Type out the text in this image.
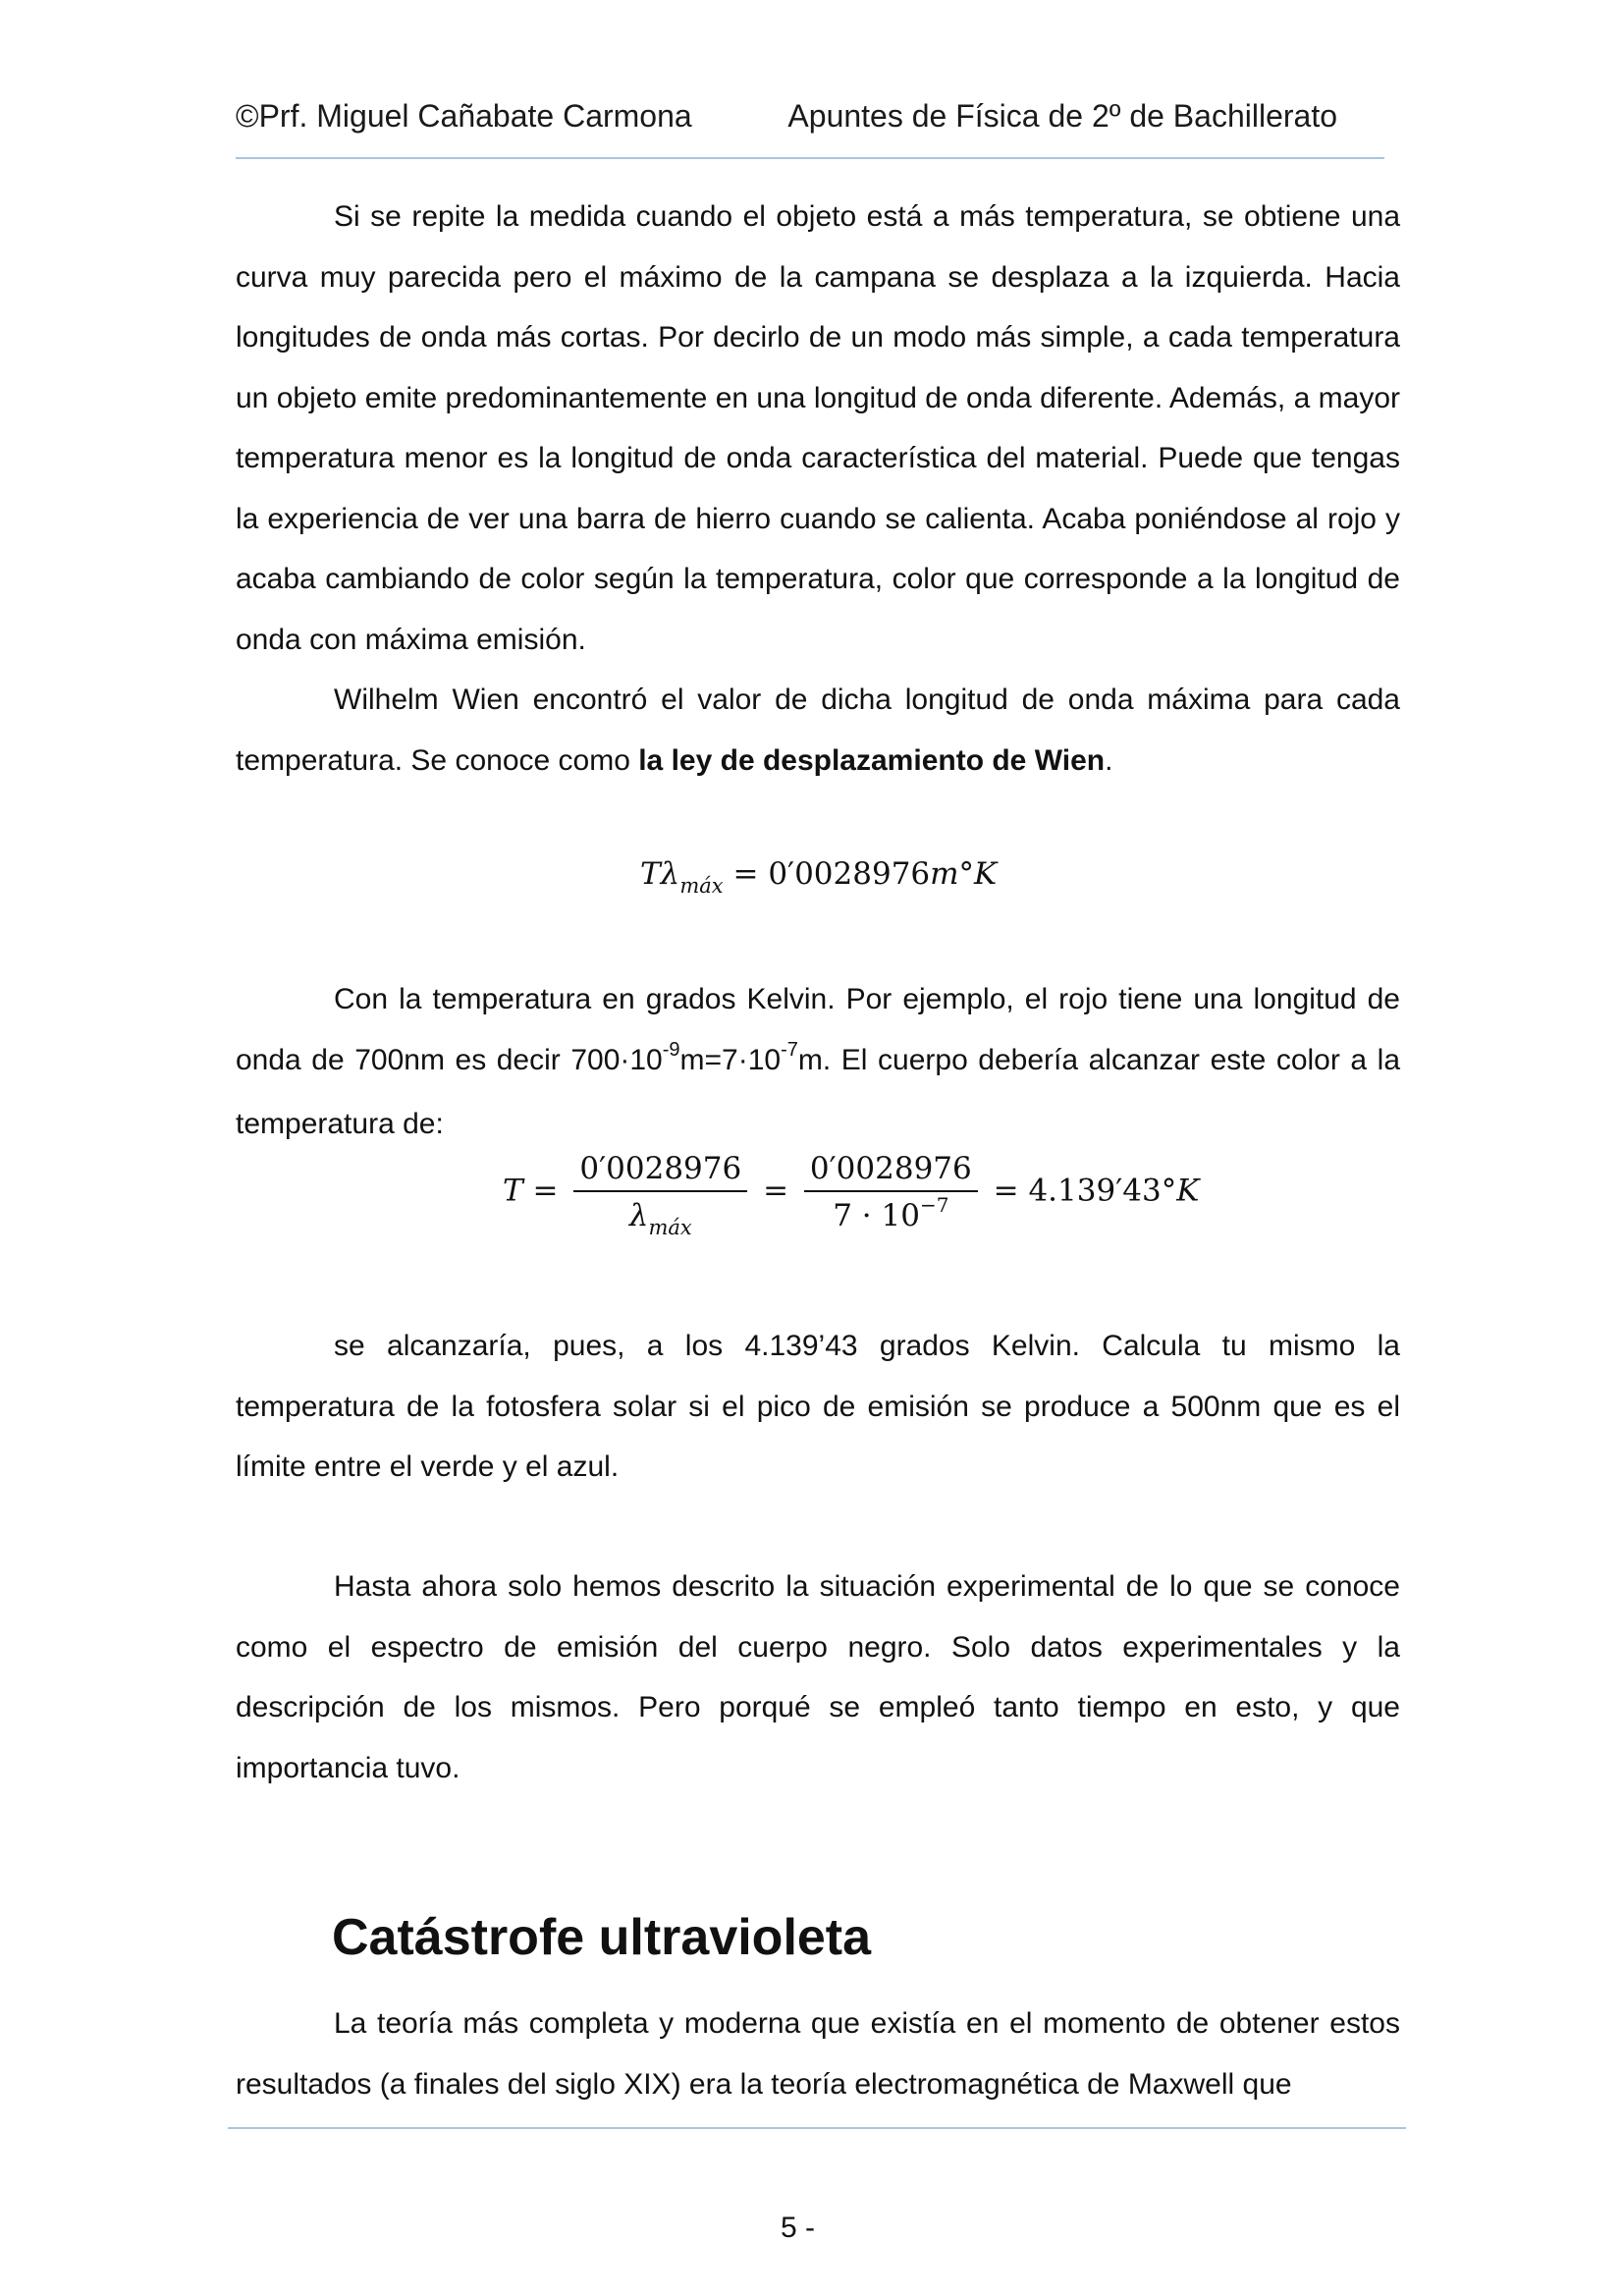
©Prf. Miguel Cañabate Carmona	Apuntes de Física de 2º de Bachillerato

Si se repite la medida cuando el objeto está a más temperatura, se obtiene una curva muy parecida pero el máximo de la campana se desplaza a la izquierda. Hacia longitudes de onda más cortas. Por decirlo de un modo más simple, a cada temperatura un objeto emite predominantemente en una longitud de onda diferente. Además, a mayor temperatura menor es la longitud de onda característica del material. Puede que tengas la experiencia de ver una barra de hierro cuando se calienta. Acaba poniéndose al rojo y acaba cambiando de color según la temperatura, color que corresponde a la longitud de onda con máxima emisión.

Wilhelm Wien encontró el valor de dicha longitud de onda máxima para cada temperatura. Se conoce como la ley de desplazamiento de Wien.

$T\lambda_{máx} = 0'0028976m^\circ K$

Con la temperatura en grados Kelvin. Por ejemplo, el rojo tiene una longitud de onda de 700nm es decir $700\cdot 10^{-9}m=7\cdot 10^{-7}m$. El cuerpo debería alcanzar este color a la temperatura de:

$T = \frac{0'0028976}{\lambda_{máx}} = \frac{0'0028976}{7 \cdot 10^{-7}} = 4.139'43^\circ K$

se alcanzaría, pues, a los 4.139’43 grados Kelvin. Calcula tu mismo la temperatura de la fotosfera solar si el pico de emisión se produce a 500nm que es el límite entre el verde y el azul.

Hasta ahora solo hemos descrito la situación experimental de lo que se conoce como el espectro de emisión del cuerpo negro. Solo datos experimentales y la descripción de los mismos. Pero porqué se empleó tanto tiempo en esto, y que importancia tuvo.

Catástrofe ultravioleta

La teoría más completa y moderna que existía en el momento de obtener estos resultados (a finales del siglo XIX) era la teoría electromagnética de Maxwell que

5 -
